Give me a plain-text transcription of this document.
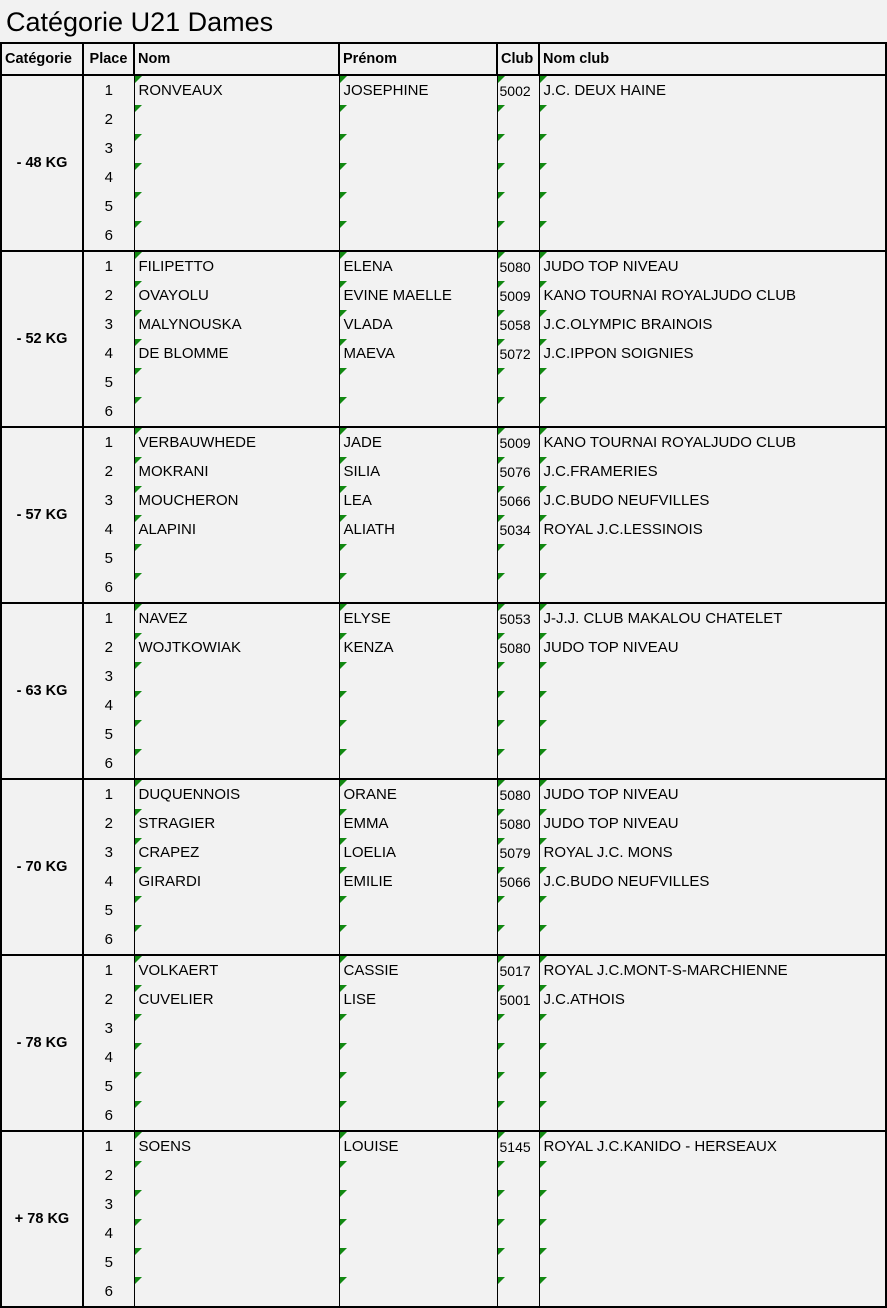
Catégorie U21 Dames
Catégorie	Place	Nom	Prénom	Club	Nom club
- 48 KG	1	RONVEAUX	JOSEPHINE	5002	J.C. DEUX HAINE
	2				
	3				
	4				
	5				
	6				
- 52 KG	1	FILIPETTO	ELENA	5080	JUDO TOP NIVEAU
	2	OVAYOLU	EVINE MAELLE	5009	KANO TOURNAI ROYALJUDO CLUB
	3	MALYNOUSKA	VLADA	5058	J.C.OLYMPIC BRAINOIS
	4	DE BLOMME	MAEVA	5072	J.C.IPPON SOIGNIES
	5				
	6				
- 57 KG	1	VERBAUWHEDE	JADE	5009	KANO TOURNAI ROYALJUDO CLUB
	2	MOKRANI	SILIA	5076	J.C.FRAMERIES
	3	MOUCHERON	LEA	5066	J.C.BUDO NEUFVILLES
	4	ALAPINI	ALIATH	5034	ROYAL J.C.LESSINOIS
	5				
	6				
- 63 KG	1	NAVEZ	ELYSE	5053	J-J.J. CLUB MAKALOU CHATELET
	2	WOJTKOWIAK	KENZA	5080	JUDO TOP NIVEAU
	3				
	4				
	5				
	6				
- 70 KG	1	DUQUENNOIS	ORANE	5080	JUDO TOP NIVEAU
	2	STRAGIER	EMMA	5080	JUDO TOP NIVEAU
	3	CRAPEZ	LOELIA	5079	ROYAL J.C. MONS
	4	GIRARDI	EMILIE	5066	J.C.BUDO NEUFVILLES
	5				
	6				
- 78 KG	1	VOLKAERT	CASSIE	5017	ROYAL J.C.MONT-S-MARCHIENNE
	2	CUVELIER	LISE	5001	J.C.ATHOIS
	3				
	4				
	5				
	6				
+ 78 KG	1	SOENS	LOUISE	5145	ROYAL J.C.KANIDO - HERSEAUX
	2				
	3				
	4				
	5				
	6				
